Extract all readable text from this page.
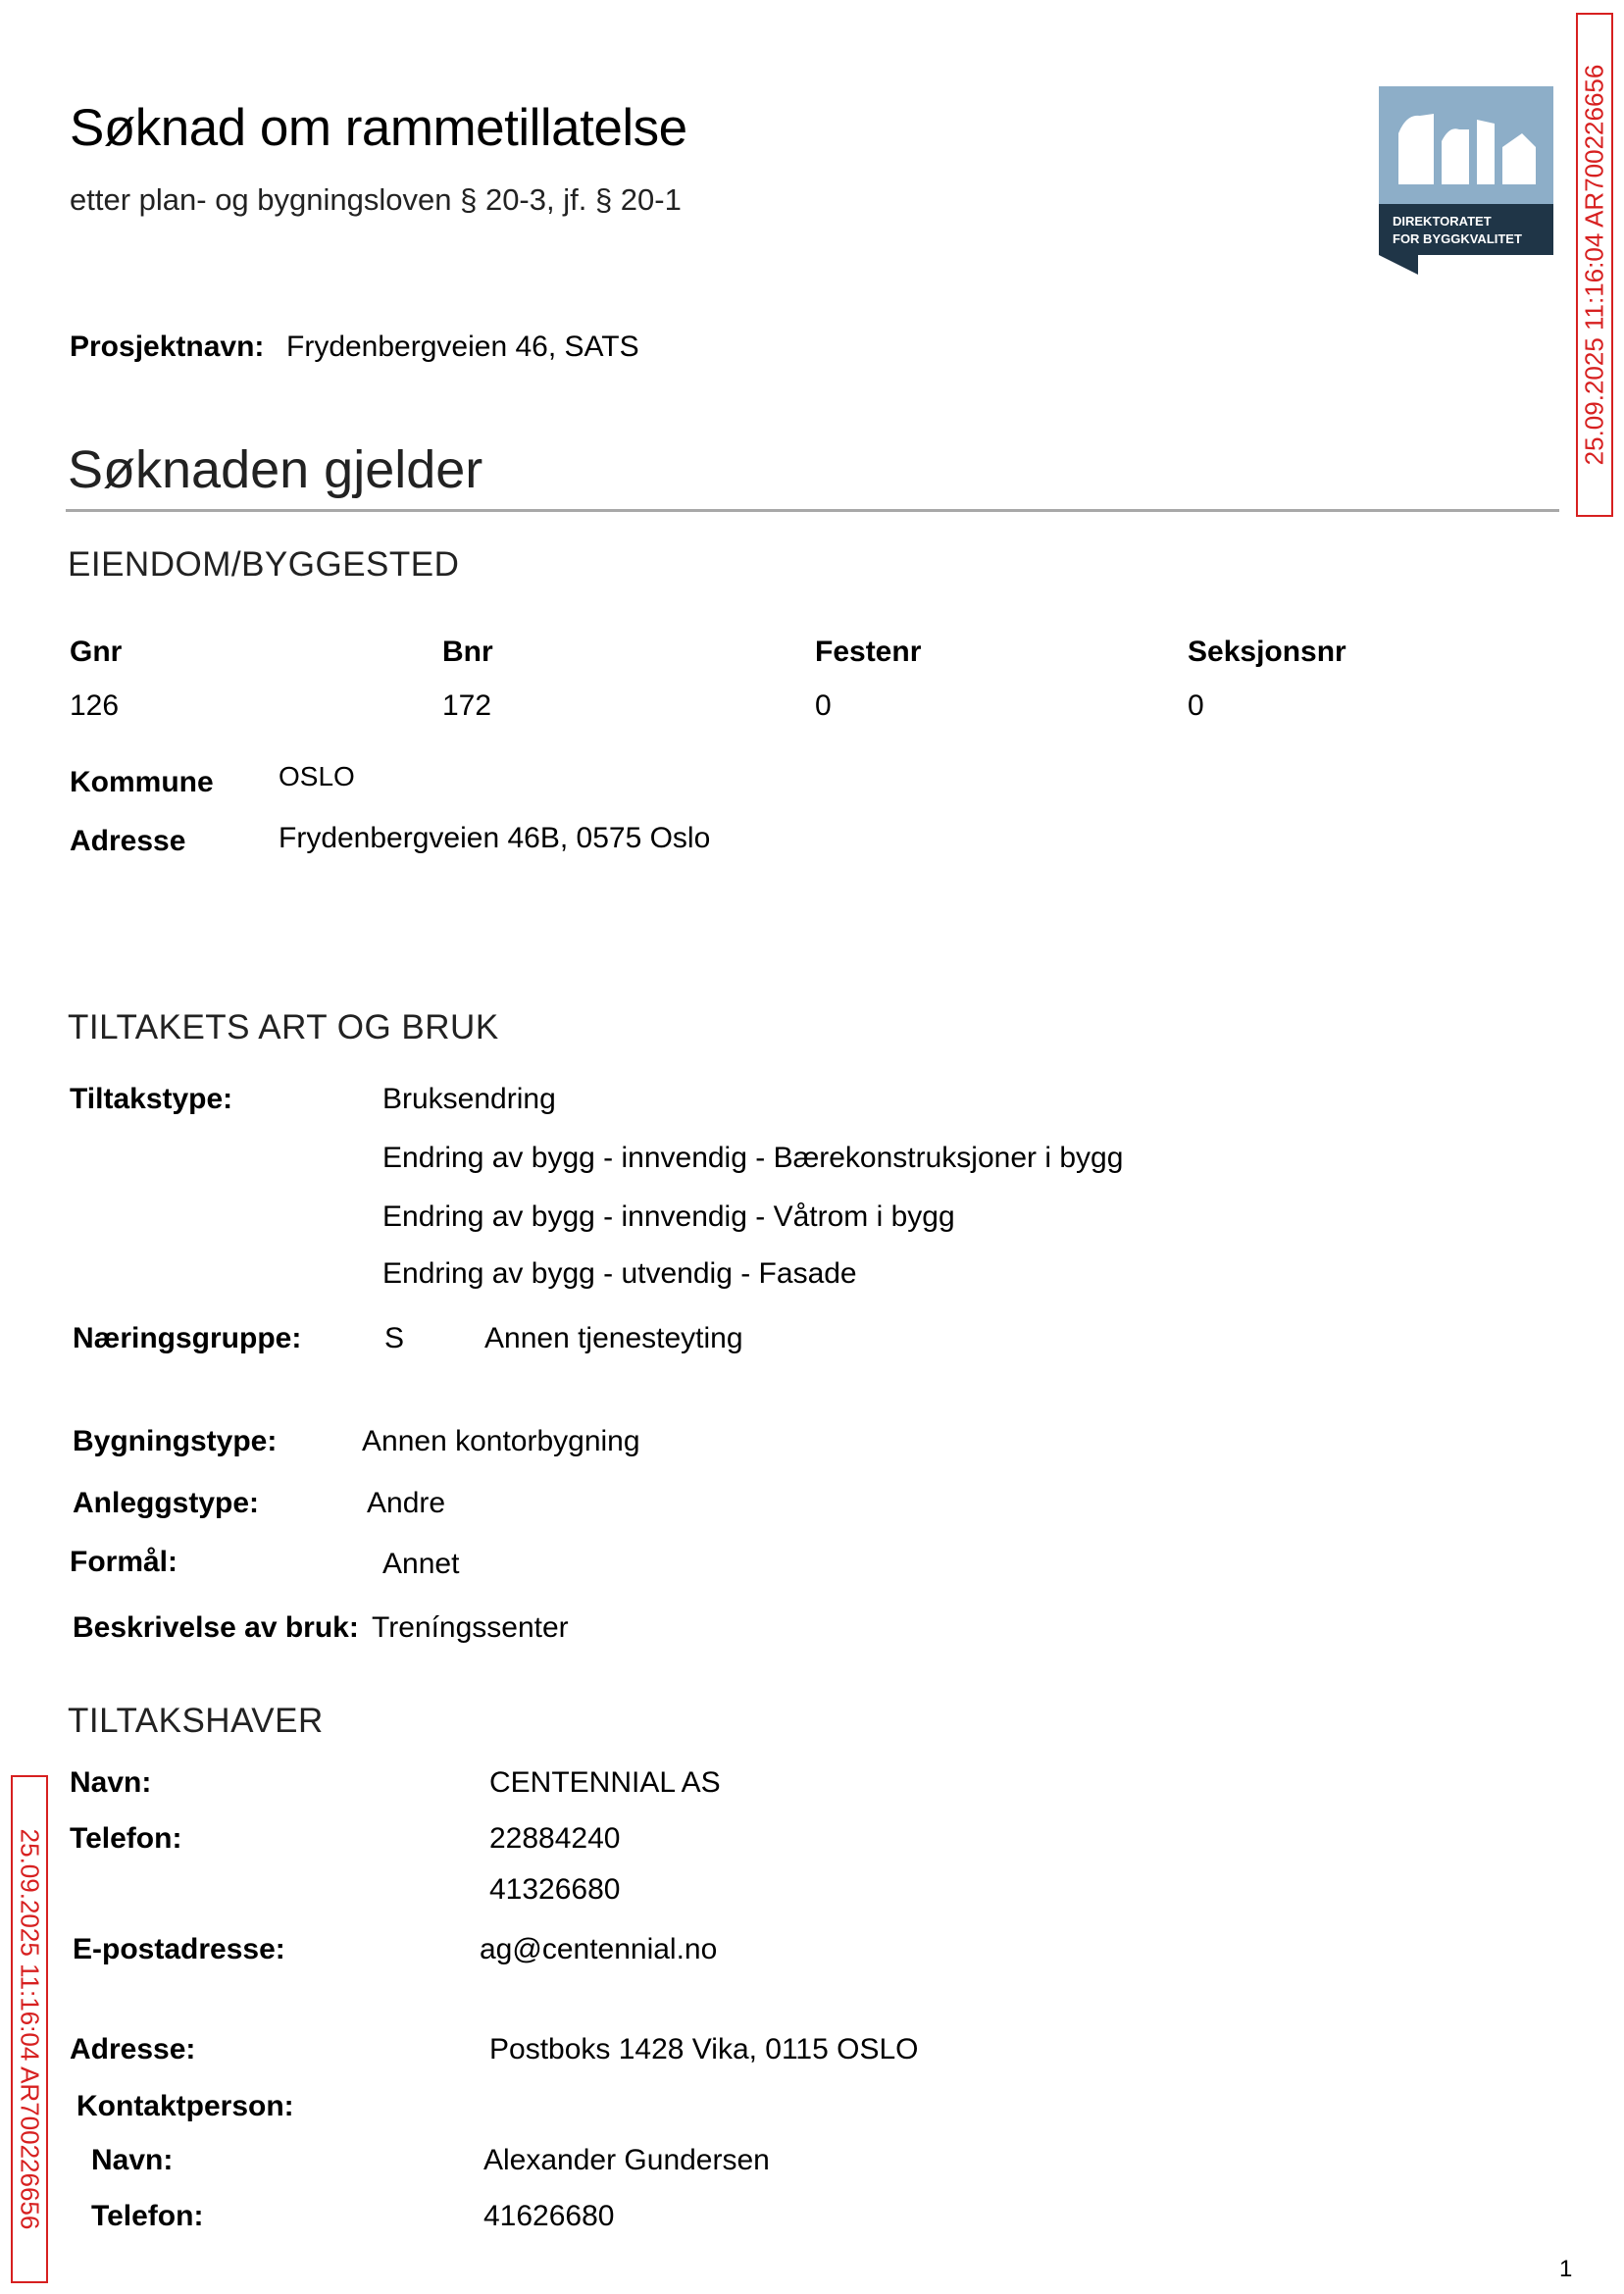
Søknad om rammetillatelse
etter plan- og bygningsloven § 20-3, jf. § 20-1
DIREKTORATET
FOR BYGGKVALITET 25.09.2025 11:16:04 AR700226656
25.09.2025 11:16:04 AR700226656
Prosjektnavn: Frydenbergveien 46, SATS
Søknaden gjelder
EIENDOM/BYGGESTED
Gnr	Bnr	Festenr	Seksjonsnr
126	172	0	0
Kommune OSLO
Adresse	Frydenbergveien 46B, 0575 Oslo
TILTAKETS ART OG BRUK
Tiltakstype:	Bruksendring
Endring av bygg - innvendig - Bærekonstruksjoner i bygg
Endring av bygg - innvendig - Våtrom i bygg
Endring av bygg - utvendig - Fasade
Næringsgruppe:	S	Annen tjenesteyting
Bygningstype:	Annen kontorbygning
Anleggstype:	Andre
Formål:	Annet
Beskrivelse av bruk: Treníngssenter
TILTAKSHAVER
Navn:	CENTENNIAL AS
Telefon:	22884240
41326680
E-postadresse:	ag@centennial.no
Adresse:	Postboks 1428 Vika, 0115 OSLO
Kontaktperson:
Navn:	Alexander Gundersen
Telefon:	41626680
1
